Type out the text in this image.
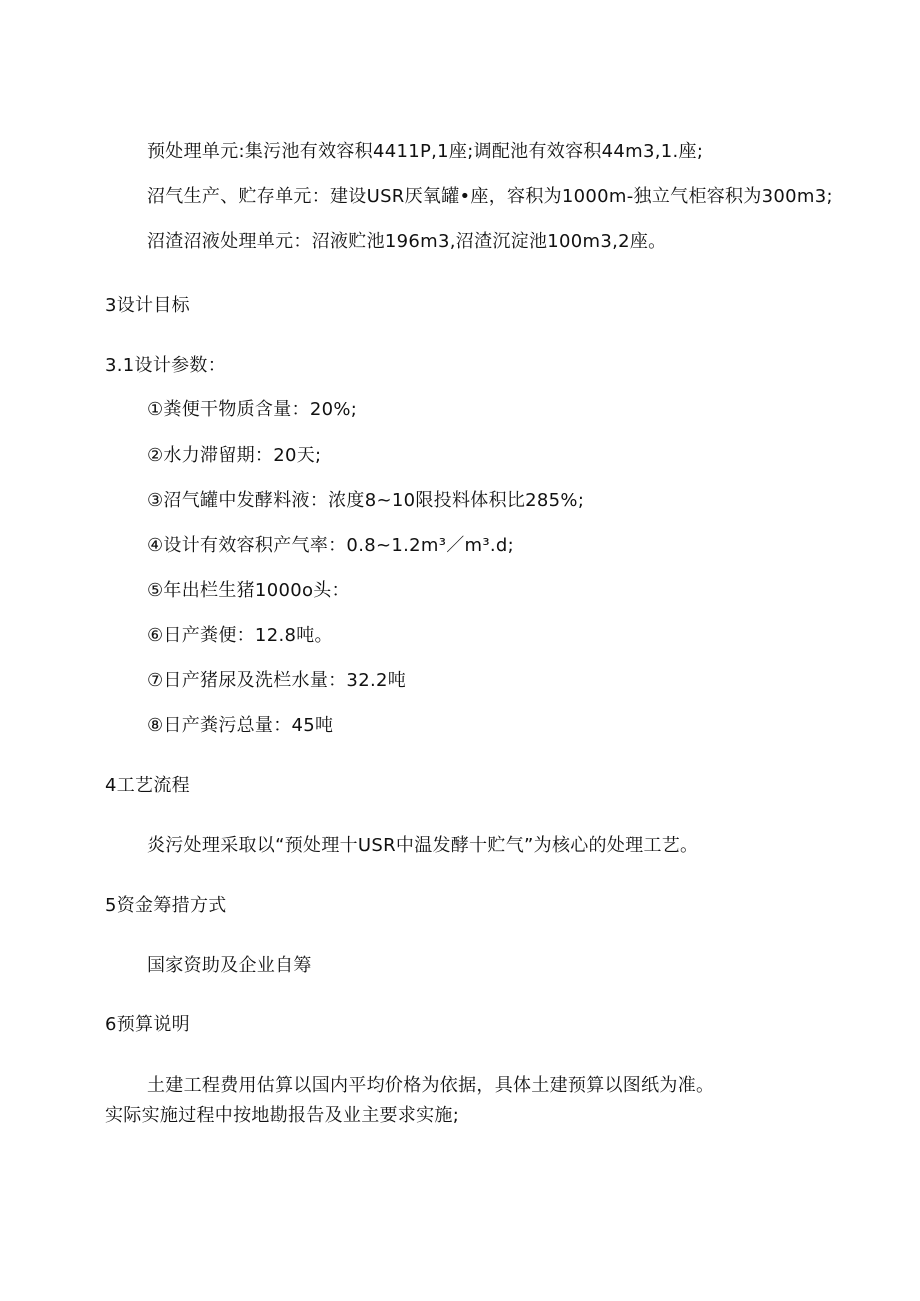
预处理单元:集污池有效容积4411P,1座;调配池有效容积44m3,1.座;
沼气生产、贮存单元：建设USR厌氧罐•座，容积为1000m-独立气柜容积为300m3;
沼渣沼液处理单元：沼液贮池196m3,沼渣沉淀池100m3,2座。
3设计目标
3.1设计参数：
①粪便干物质含量：20%;
②水力滞留期：20天;
③沼气罐中发酵料液：浓度8~10限投料体积比285%;
④设计有效容积产气率：0.8~1.2m³／m³.d;
⑤年出栏生猪1000o头：
⑥日产粪便：12.8吨。
⑦日产猪尿及洗栏水量：32.2吨
⑧日产粪污总量：45吨
4工艺流程
炎污处理采取以“预处理十USR中温发酵十贮气”为核心的处理工艺。
5资金筹措方式
国家资助及企业自筹
6预算说明
土建工程费用估算以国内平均价格为依据，具体土建预算以图纸为准。
实际实施过程中按地勘报告及业主要求实施;
